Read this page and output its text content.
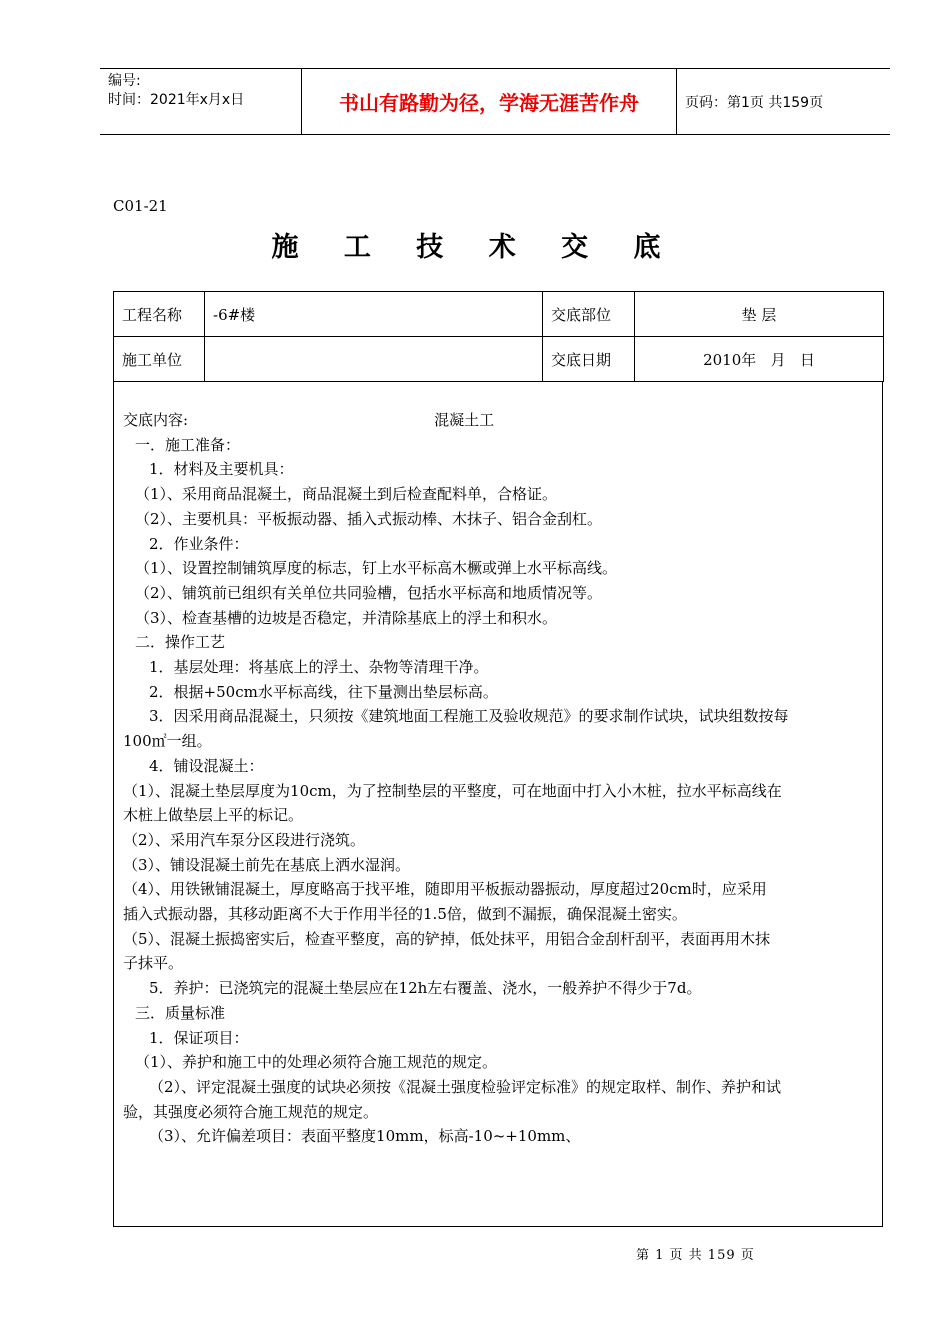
编号:
时间：2021年x月x日	书山有路勤为径，学海无涯苦作舟	页码：第1页 共159页
C01-21
施 工 技 术 交 底
工程名称	-6#楼	交底部位	垫 层
施工单位		交底日期	2010年   月   日

交底内容:	混凝土工

一．施工准备：

1．材料及主要机具：

（1）、采用商品混凝土，商品混凝土到后检查配料单，合格证。

（2）、主要机具：平板振动器、插入式振动棒、木抹子、铝合金刮杠。

2．作业条件：

（1）、设置控制铺筑厚度的标志，钉上水平标高木橛或弹上水平标高线。

（2）、铺筑前已组织有关单位共同验槽，包括水平标高和地质情况等。

（3）、检查基槽的边坡是否稳定，并清除基底上的浮土和积水。

二．操作工艺

1．基层处理：将基底上的浮土、杂物等清理干净。

2．根据+50cm水平标高线，往下量测出垫层标高。

3．因采用商品混凝土，只须按《建筑地面工程施工及验收规范》的要求制作试块，试块组数按每

100㎡一组。

4．铺设混凝土：

（1）、混凝土垫层厚度为10cm，为了控制垫层的平整度，可在地面中打入小木桩，拉水平标高线在

木桩上做垫层上平的标记。

（2）、采用汽车泵分区段进行浇筑。

（3）、铺设混凝土前先在基底上洒水湿润。

（4）、用铁锹铺混凝土，厚度略高于找平堆，随即用平板振动器振动，厚度超过20cm时，应采用

插入式振动器，其移动距离不大于作用半径的1.5倍，做到不漏振，确保混凝土密实。

（5）、混凝土振捣密实后，检查平整度，高的铲掉，低处抹平，用铝合金刮杆刮平，表面再用木抹

子抹平。

5．养护：已浇筑完的混凝土垫层应在12h左右覆盖、浇水，一般养护不得少于7d。

三．质量标准

1．保证项目：

（1）、养护和施工中的处理必须符合施工规范的规定。

（2）、评定混凝土强度的试块必须按《混凝土强度检验评定标准》的规定取样、制作、养护和试

验，其强度必须符合施工规范的规定。

（3）、允许偏差项目：表面平整度10mm，标高-10~+10mm、

第 1 页 共 159 页
